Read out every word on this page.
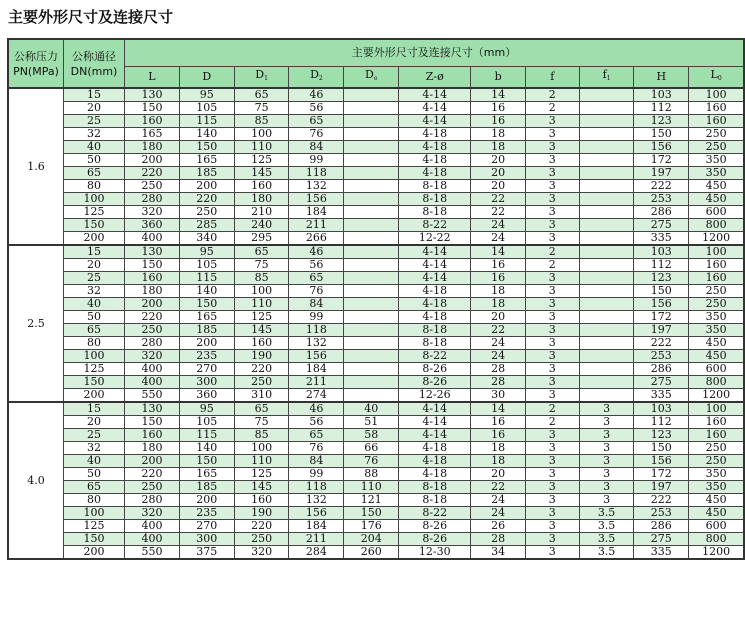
主要外形尺寸及连接尺寸
公称压力
PN(MPa)	公称通径
DN(mm)	主要外形尺寸及连接尺寸（mm）										
		L	D	$D_1$	$D_2$	$D_e$	Z-ø	b	f	$f_1$	H	$L_0$
1.6	15	130	95	65	46		4-14	14	2		103	100
	20	150	105	75	56		4-14	16	2		112	160
	25	160	115	85	65		4-14	16	3		123	160
	32	165	140	100	76		4-18	18	3		150	250
	40	180	150	110	84		4-18	18	3		156	250
	50	200	165	125	99		4-18	20	3		172	350
	65	220	185	145	118		4-18	20	3		197	350
	80	250	200	160	132		8-18	20	3		222	450
	100	280	220	180	156		8-18	22	3		253	450
	125	320	250	210	184		8-18	22	3		286	600
	150	360	285	240	211		8-22	24	3		275	800
	200	400	340	295	266		12-22	24	3		335	1200
2.5	15	130	95	65	46		4-14	14	2		103	100
	20	150	105	75	56		4-14	16	2		112	160
	25	160	115	85	65		4-14	16	3		123	160
	32	180	140	100	76		4-18	18	3		150	250
	40	200	150	110	84		4-18	18	3		156	250
	50	220	165	125	99		4-18	20	3		172	350
	65	250	185	145	118		8-18	22	3		197	350
	80	280	200	160	132		8-18	24	3		222	450
	100	320	235	190	156		8-22	24	3		253	450
	125	400	270	220	184		8-26	28	3		286	600
	150	400	300	250	211		8-26	28	3		275	800
	200	550	360	310	274		12-26	30	3		335	1200
4.0	15	130	95	65	46	40	4-14	14	2	3	103	100
	20	150	105	75	56	51	4-14	16	2	3	112	160
	25	160	115	85	65	58	4-14	16	3	3	123	160
	32	180	140	100	76	66	4-18	18	3	3	150	250
	40	200	150	110	84	76	4-18	18	3	3	156	250
	50	220	165	125	99	88	4-18	20	3	3	172	350
	65	250	185	145	118	110	8-18	22	3	3	197	350
	80	280	200	160	132	121	8-18	24	3	3	222	450
	100	320	235	190	156	150	8-22	24	3	3.5	253	450
	125	400	270	220	184	176	8-26	26	3	3.5	286	600
	150	400	300	250	211	204	8-26	28	3	3.5	275	800
	200	550	375	320	284	260	12-30	34	3	3.5	335	1200
